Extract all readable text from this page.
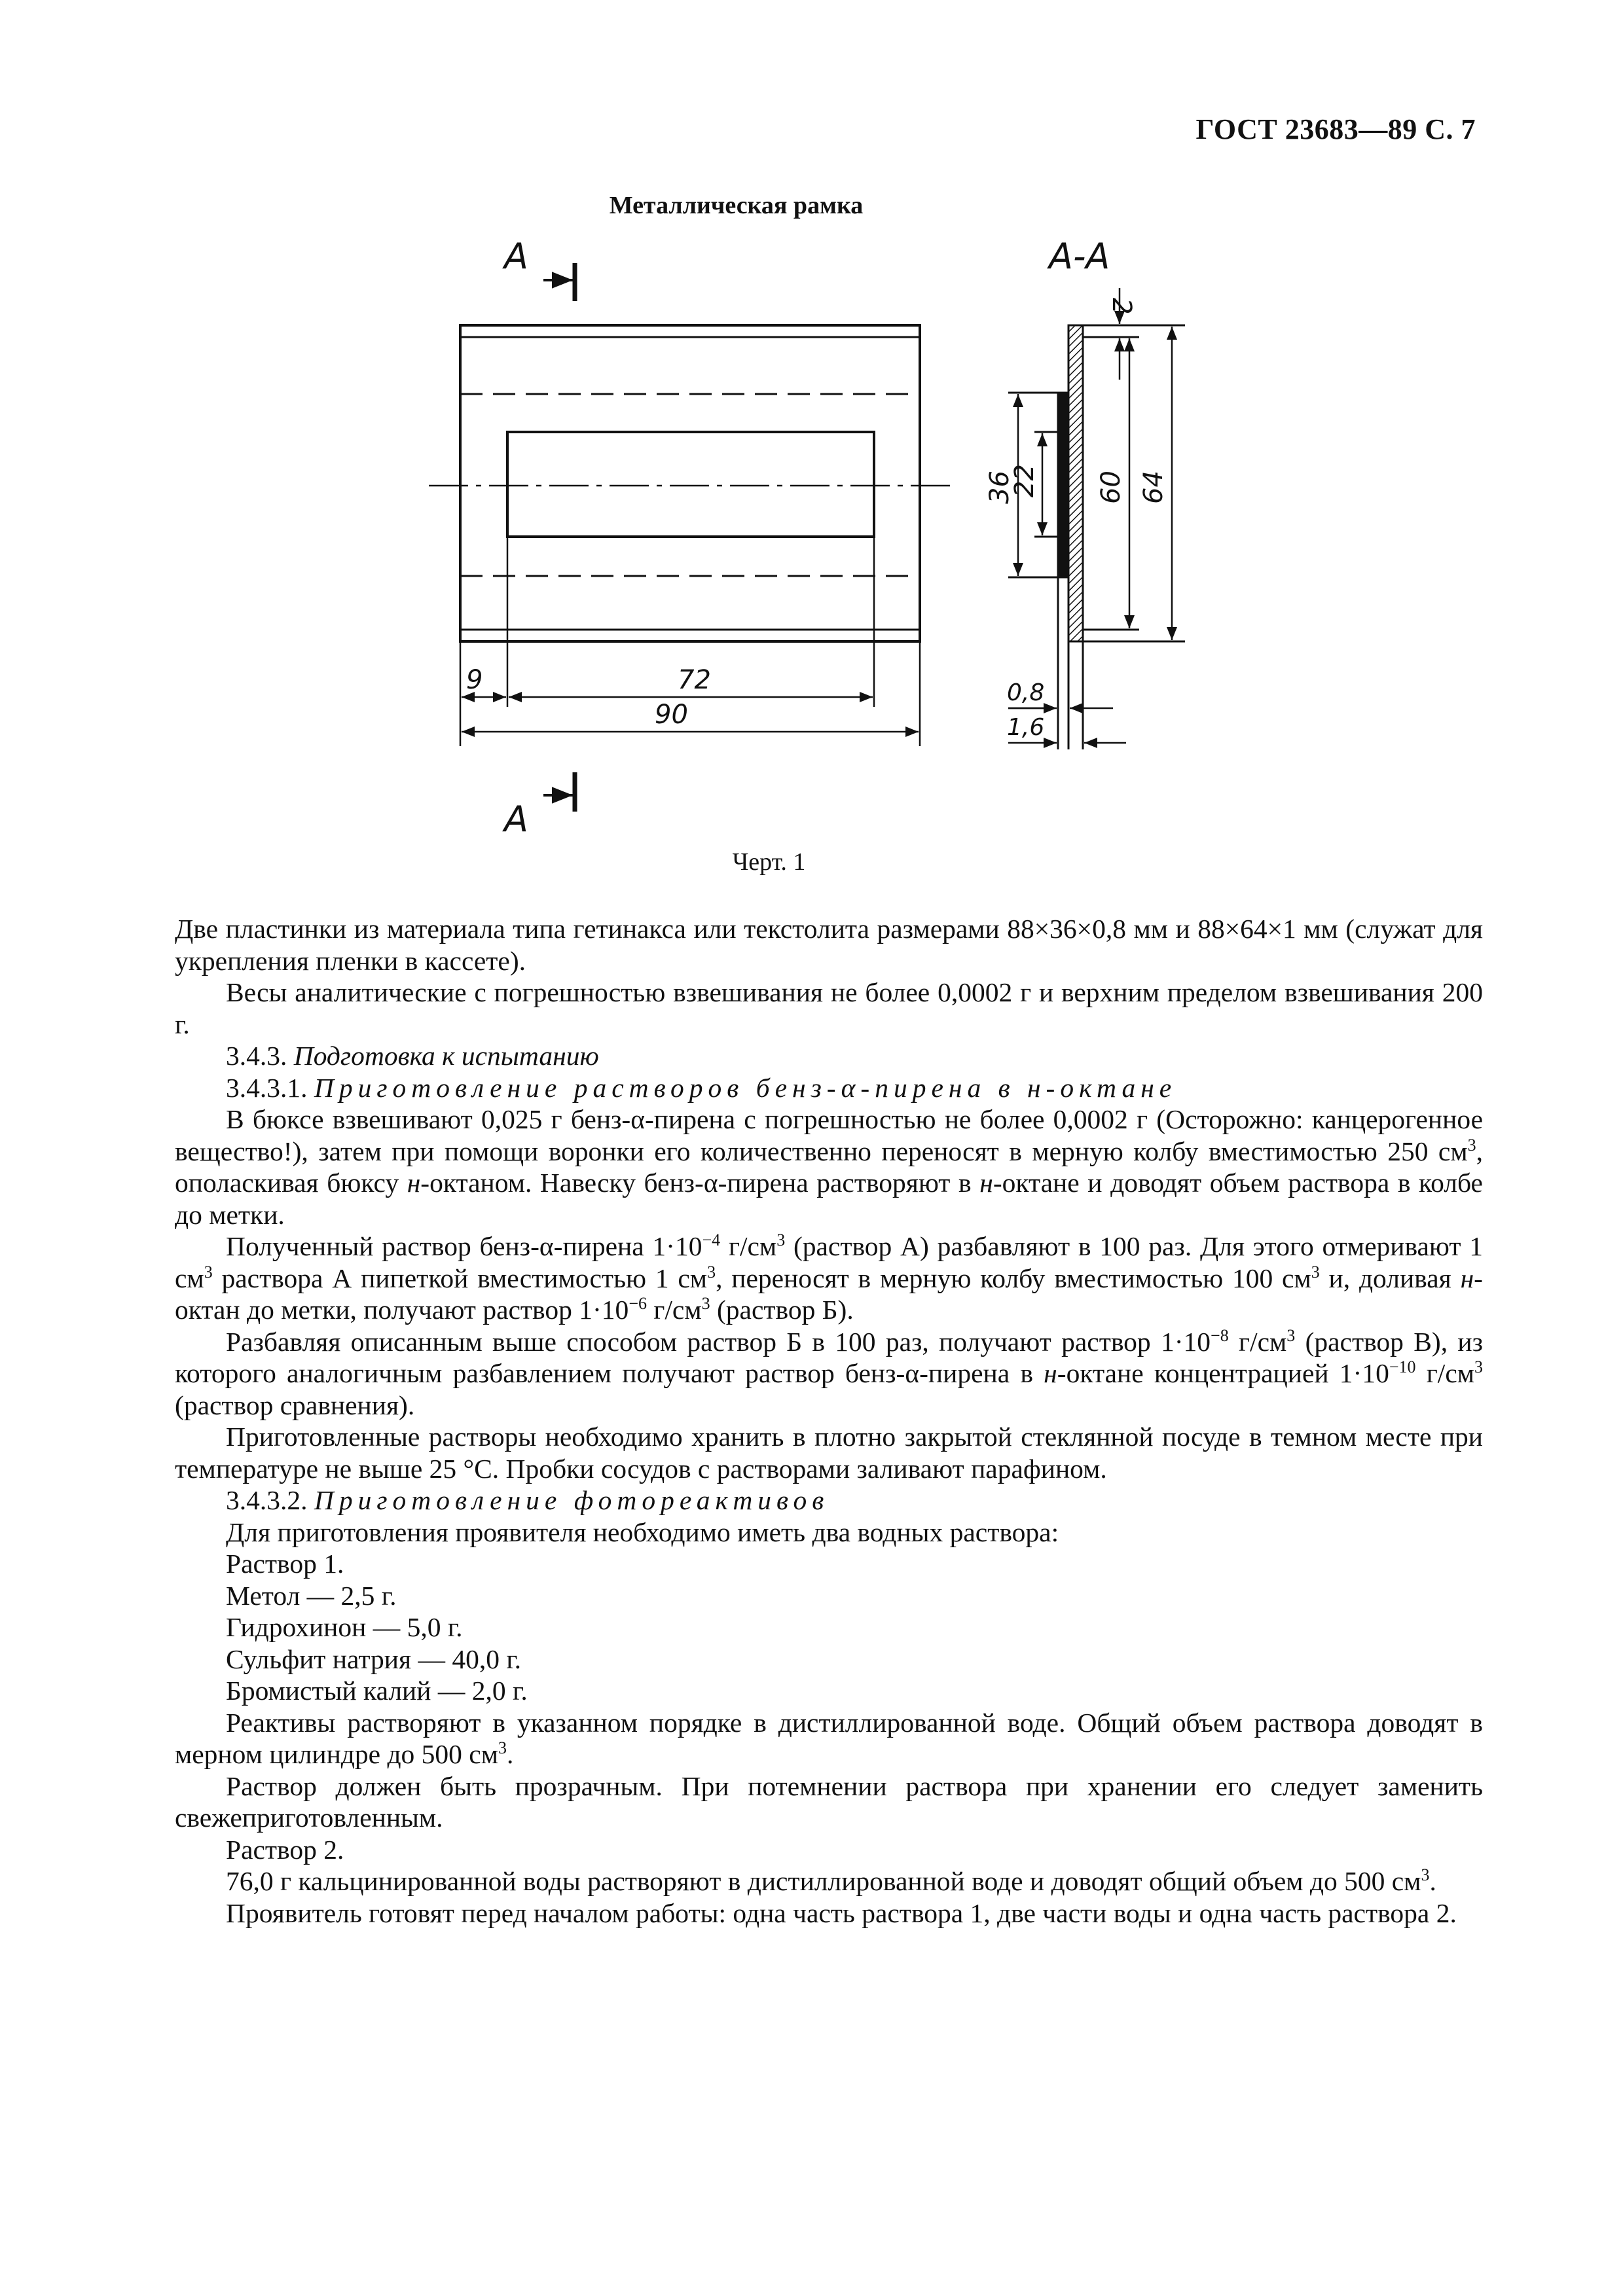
ГОСТ 23683—89 С. 7
Металлическая рамка
9	72
90
А
А
А-А
2
36
22 60 64
0,8
1,6
Черт. 1

Две пластинки из материала типа гетинакса или текстолита размерами 88×36×0,8 мм и 88×64×1 мм (служат для укрепления пленки в кассете).

Весы аналитические с погрешностью взвешивания не более 0,0002 г и верхним пределом взвешивания 200 г.

3.4.3. Подготовка к испытанию

3.4.3.1. Приготовление растворов бенз-α-пирена в н-октане

В бюксе взвешивают 0,025 г бенз-α-пирена с погрешностью не более 0,0002 г (Осторожно: канцерогенное вещество!), затем при помощи воронки его количественно переносят в мерную колбу вместимостью 250 $см^3$, ополаскивая бюксу н-октаном. Навеску бенз-α-пирена растворяют в н-октане и доводят объем раствора в колбе до метки.

Полученный раствор бенз-α-пирена $1\cdot 10^{-4}$ $г/см^3$ (раствор А) разбавляют в 100 раз. Для этого отмеривают 1 $см^3$ раствора А пипеткой вместимостью 1 $см^3$, переносят в мерную колбу вместимостью 100 $см^3$ и, доливая н-октан до метки, получают раствор $1\cdot 10^{-6}$ $г/см^3$ (раствор Б).

Разбавляя описанным выше способом раствор Б в 100 раз, получают раствор $1\cdot 10^{-8}$ $г/см^3$ (раствор В), из которого аналогичным разбавлением получают раствор бенз-α-пирена в н-октане концентрацией $1\cdot 10^{-10}$ $г/см^3$ (раствор сравнения).

Приготовленные растворы необходимо хранить в плотно закрытой стеклянной посуде в темном месте при температуре не выше 25 °С. Пробки сосудов с растворами заливают парафином.

3.4.3.2. Приготовление фотореактивов

Для приготовления проявителя необходимо иметь два водных раствора:

Раствор 1.

Метол — 2,5 г.

Гидрохинон — 5,0 г.

Сульфит натрия — 40,0 г.

Бромистый калий — 2,0 г.

Реактивы растворяют в указанном порядке в дистиллированной воде. Общий объем раствора доводят в мерном цилиндре до 500 $см^3$.

Раствор должен быть прозрачным. При потемнении раствора при хранении его следует заменить свежеприготовленным.

Раствор 2.

76,0 г кальцинированной воды растворяют в дистиллированной воде и доводят общий объем до 500 $см^3$.

Проявитель готовят перед началом работы: одна часть раствора 1, две части воды и одна часть раствора 2.
